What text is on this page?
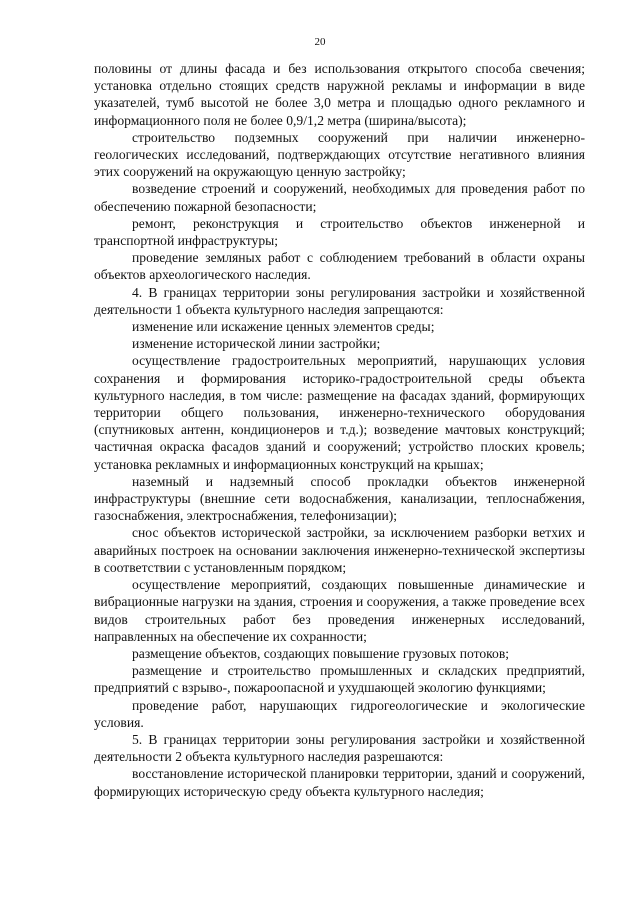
20

половины от длины фасада и без использования открытого способа свечения; установка отдельно стоящих средств наружной рекламы и информации в виде указателей, тумб высотой не более 3,0 метра и площадью одного рекламного и информационного поля не более 0,9/1,2 метра (ширина/высота);

строительство подземных сооружений при наличии инженерно-геологических исследований, подтверждающих отсутствие негативного влияния этих сооружений на окружающую ценную застройку;

возведение строений и сооружений, необходимых для проведения работ по обеспечению пожарной безопасности;

ремонт, реконструкция и строительство объектов инженерной и транспортной инфраструктуры;

проведение земляных работ с соблюдением требований в области охраны объектов археологического наследия.

4. В границах территории зоны регулирования застройки и хозяйственной деятельности 1 объекта культурного наследия запрещаются:

изменение или искажение ценных элементов среды;

изменение исторической линии застройки;

осуществление градостроительных мероприятий, нарушающих условия сохранения и формирования историко-градостроительной среды объекта культурного наследия, в том числе: размещение на фасадах зданий, формирующих территории общего пользования, инженерно-технического оборудования (спутниковых антенн, кондиционеров и т.д.); возведение мачтовых конструкций; частичная окраска фасадов зданий и сооружений; устройство плоских кровель; установка рекламных и информационных конструкций на крышах;

наземный и надземный способ прокладки объектов инженерной инфраструктуры (внешние сети водоснабжения, канализации, теплоснабжения, газоснабжения, электроснабжения, телефонизации);

снос объектов исторической застройки, за исключением разборки ветхих и аварийных построек на основании заключения инженерно-технической экспертизы в соответствии с установленным порядком;

осуществление мероприятий, создающих повышенные динамические и вибрационные нагрузки на здания, строения и сооружения, а также проведение всех видов строительных работ без проведения инженерных исследований, направленных на обеспечение их сохранности;

размещение объектов, создающих повышение грузовых потоков;

размещение и строительство промышленных и складских предприятий, предприятий с взрыво-, пожароопасной и ухудшающей экологию функциями;

проведение работ, нарушающих гидрогеологические и экологические условия.

5. В границах территории зоны регулирования застройки и хозяйственной деятельности 2 объекта культурного наследия разрешаются:

восстановление исторической планировки территории, зданий и сооружений, формирующих историческую среду объекта культурного наследия;
